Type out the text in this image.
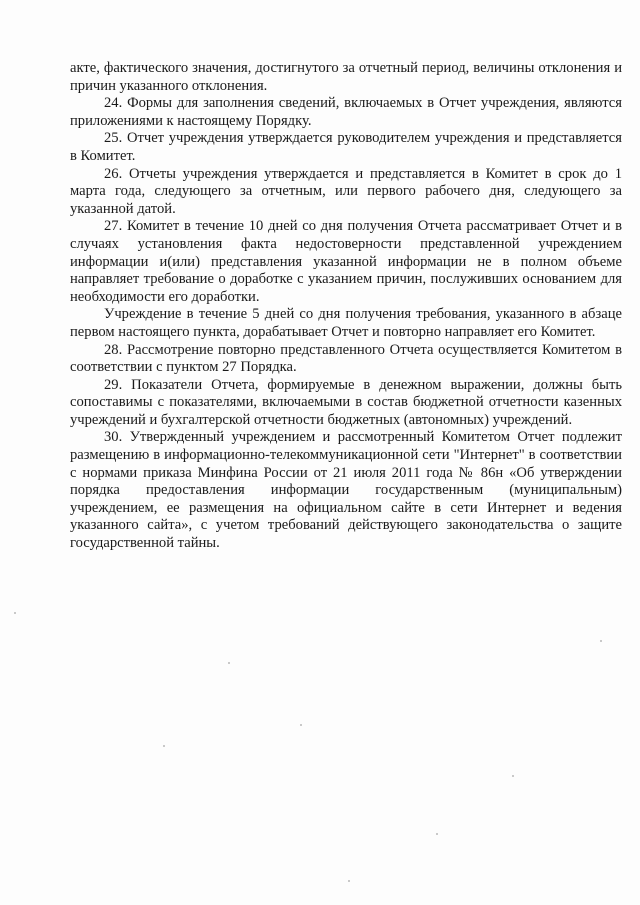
акте, фактического значения, достигнутого за отчетный период, величины отклонения и причин указанного отклонения.

24. Формы для заполнения сведений, включаемых в Отчет учреждения, являются приложениями к настоящему Порядку.

25. Отчет учреждения утверждается руководителем учреждения и представляется в Комитет.

26. Отчеты учреждения утверждается и представляется в Комитет в срок до 1 марта года, следующего за отчетным, или первого рабочего дня, следующего за указанной датой.

27. Комитет в течение 10 дней со дня получения Отчета рассматривает Отчет и в случаях установления факта недостоверности представленной учреждением информации и(или) представления указанной информации не в полном объеме направляет требование о доработке с указанием причин, послуживших основанием для необходимости его доработки.

Учреждение в течение 5 дней со дня получения требования, указанного в абзаце первом настоящего пункта, дорабатывает Отчет и повторно направляет его Комитет.

28. Рассмотрение повторно представленного Отчета осуществляется Комитетом в соответствии с пунктом 27 Порядка.

29. Показатели Отчета, формируемые в денежном выражении, должны быть сопоставимы с показателями, включаемыми в состав бюджетной отчетности казенных учреждений и бухгалтерской отчетности бюджетных (автономных) учреждений.

30. Утвержденный учреждением и рассмотренный Комитетом Отчет подлежит размещению в информационно-телекоммуникационной сети "Интернет" в соответствии с нормами приказа Минфина России от 21 июля 2011 года № 86н «Об утверждении порядка предоставления информации государственным (муниципальным) учреждением, ее размещения на официальном сайте в сети Интернет и ведения указанного сайта», с учетом требований действующего законодательства о защите государственной тайны.
